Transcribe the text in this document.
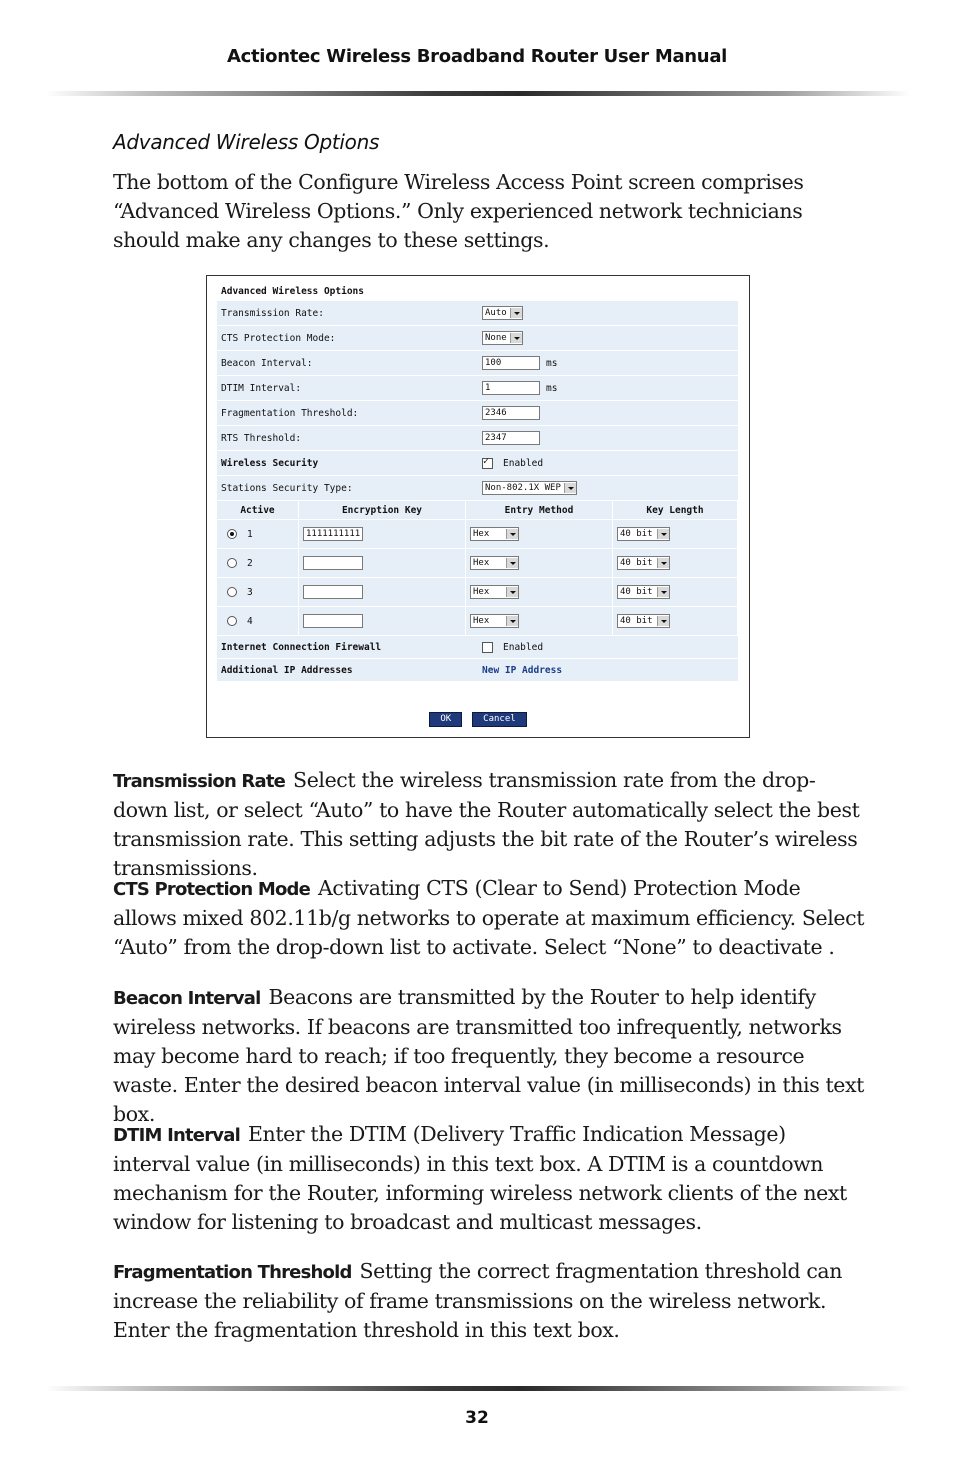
Actiontec Wireless Broadband Router User Manual
Advanced Wireless Options
The bottom of the Configure Wireless Access Point screen comprises “Advanced Wireless Options.” Only experienced network technicians should make any changes to these settings.
Advanced Wireless Options
Transmission Rate:	Auto
CTS Protection Mode:	None
Beacon Interval:	100	ms
DTIM Interval:	1	ms
Fragmentation Threshold:	2346
RTS Threshold:	2347
Wireless Security
✓	Enabled
Stations Security Type:	Non-802.1X WEP
Active	Encryption Key	Entry Method	Key Length
1	1111111111	Hex	40 bit
2	Hex	40 bit
3	Hex	40 bit
4	Hex	40 bit
Internet Connection Firewall	Enabled
Additional IP Addresses	New IP Address
OK	Cancel
Transmission Rate Select the wireless transmission rate from the drop-down list, or select “Auto” to have the Router automatically select the best transmission rate. This setting adjusts the bit rate of the Router’s wireless transmissions.
CTS Protection Mode Activating CTS (Clear to Send) Protection Mode allows mixed 802.11b/g networks to operate at maximum efficiency. Select “Auto” from the drop-down list to activate. Select “None” to deactivate .
Beacon Interval Beacons are transmitted by the Router to help identify wireless networks. If beacons are transmitted too infrequently, networks may become hard to reach; if too frequently, they become a resource waste. Enter the desired beacon interval value (in milliseconds) in this text box.
DTIM Interval Enter the DTIM (Delivery Traffic Indication Message) interval value (in milliseconds) in this text box. A DTIM is a countdown mechanism for the Router, informing wireless network clients of the next window for listening to broadcast and multicast messages.
Fragmentation Threshold Setting the correct fragmentation threshold can increase the reliability of frame transmissions on the wireless network. Enter the fragmentation threshold in this text box.
32
